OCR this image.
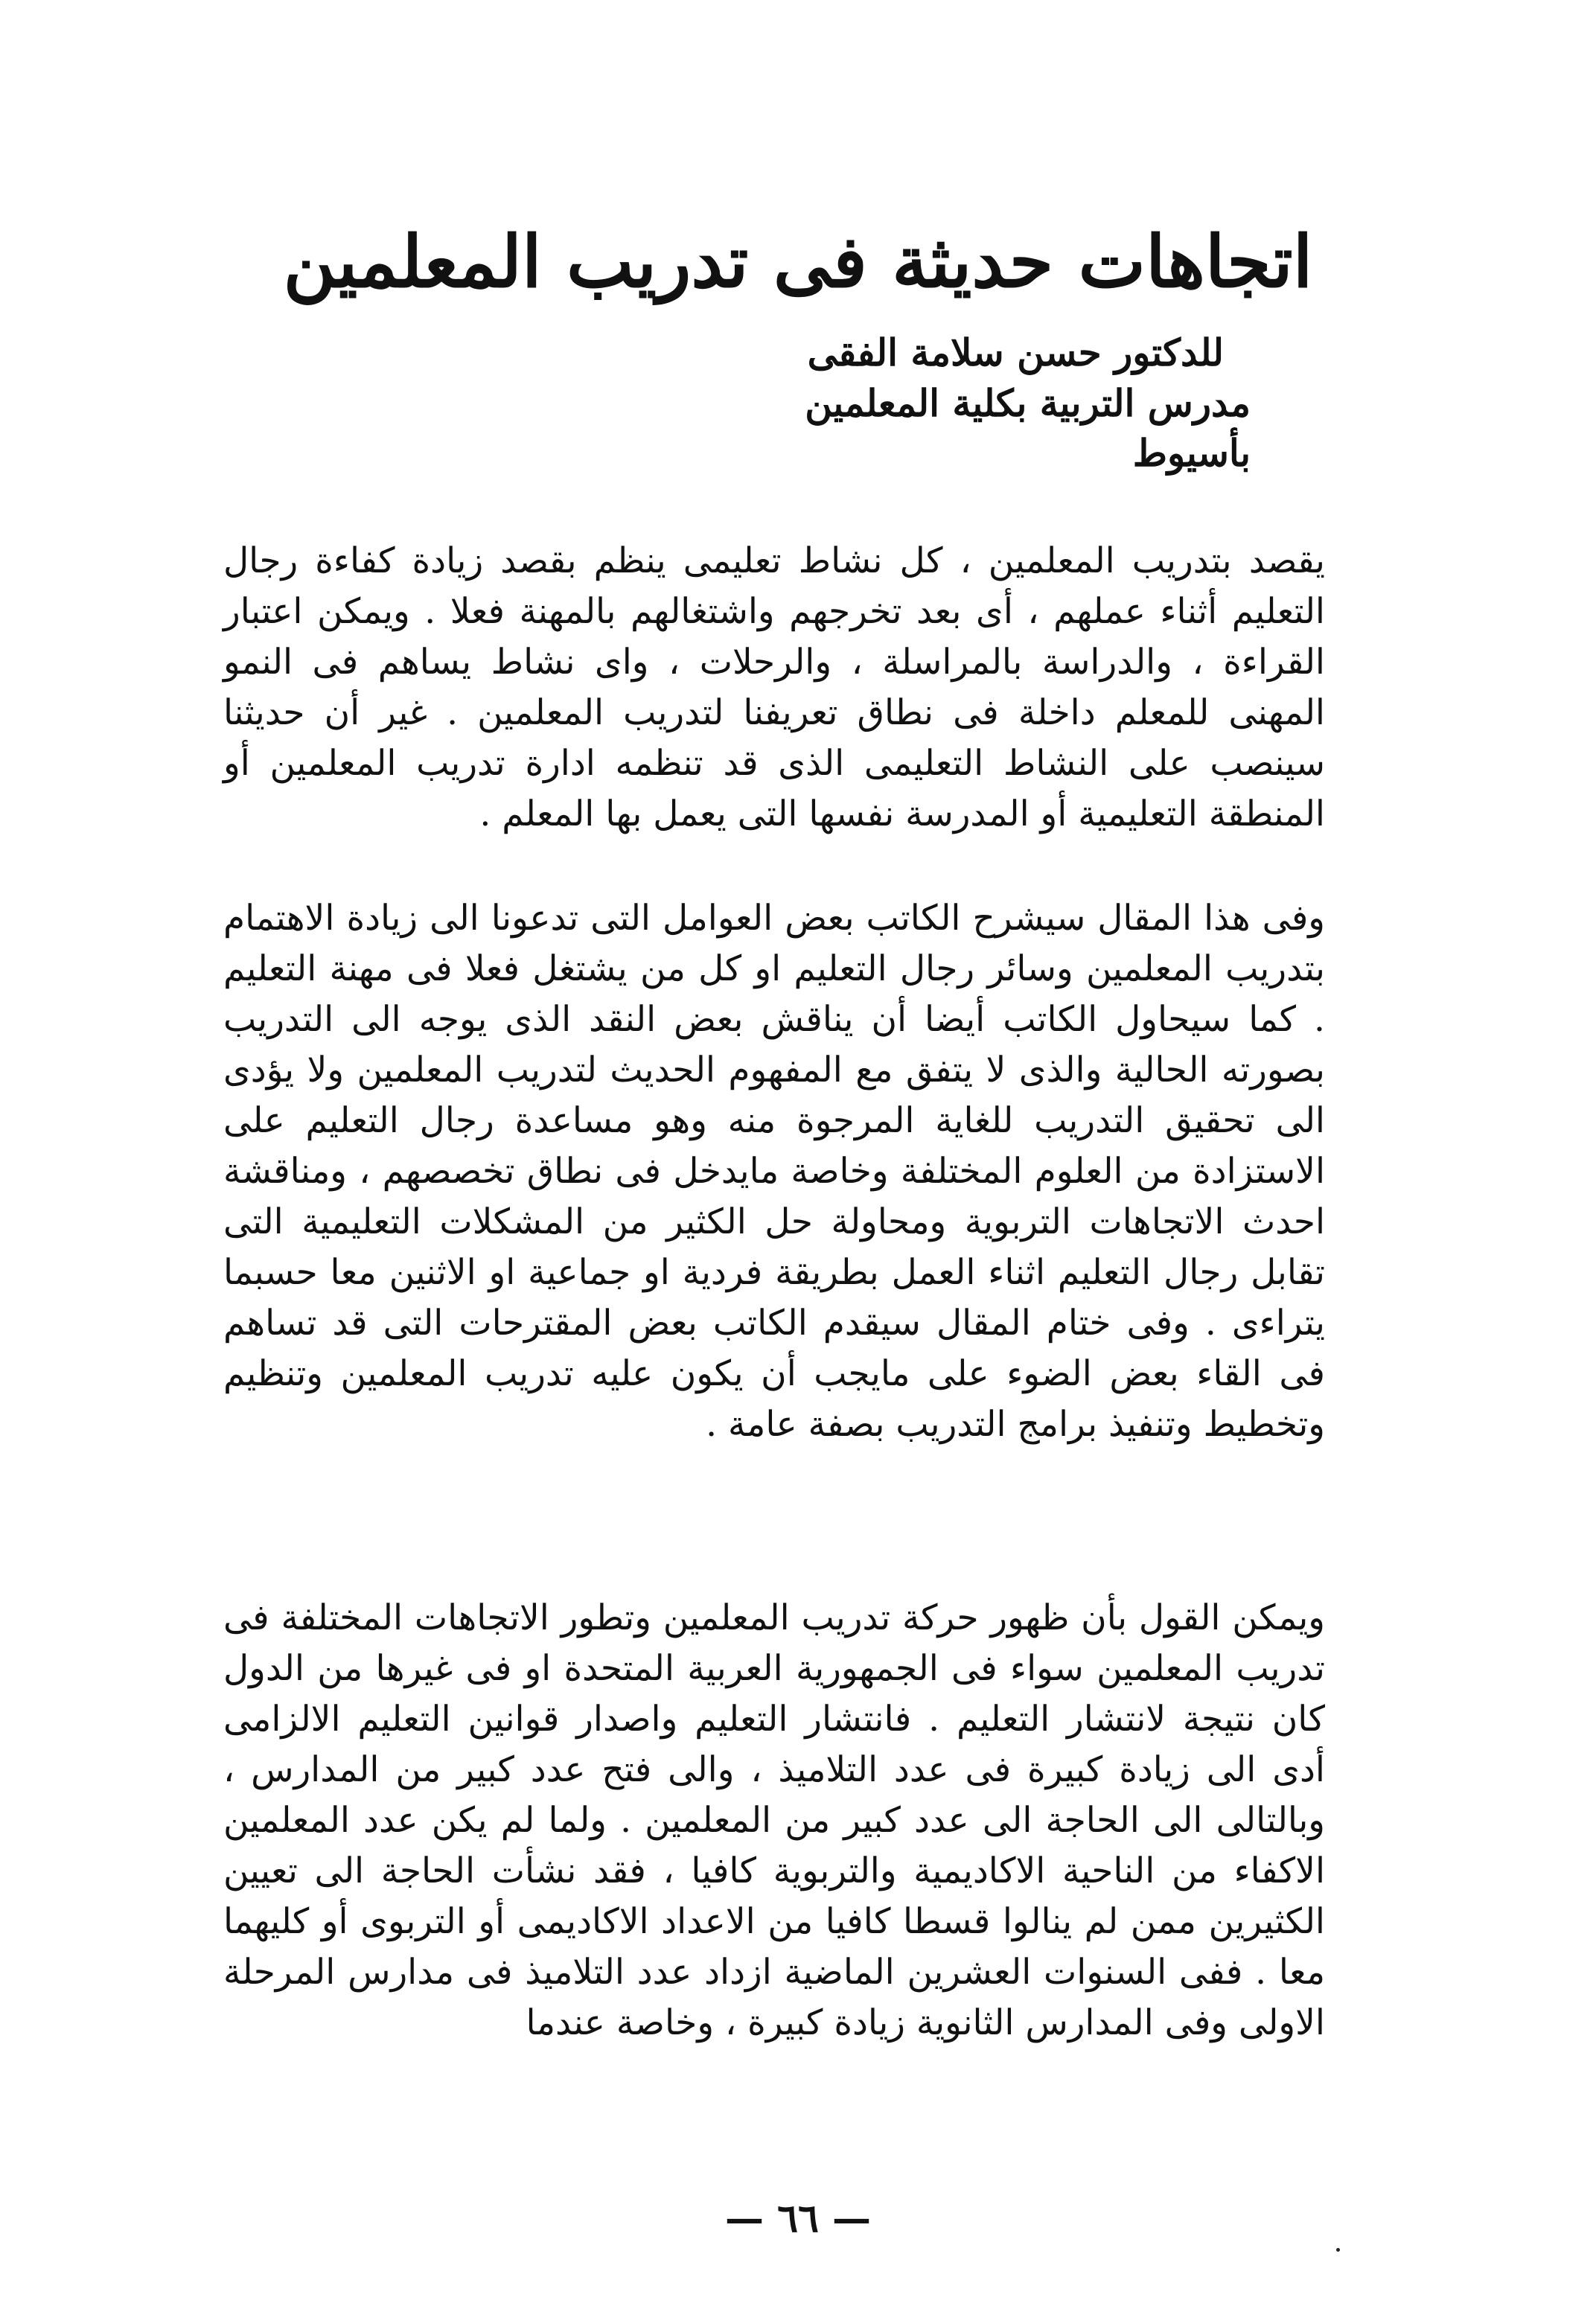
اتجاهات حديثة فى تدريب المعلمين
للدكتور حسن سلامة الفقى
مدرس التربية بكلية المعلمين بأسيوط

يقصد بتدريب المعلمين ، كل نشاط تعليمى ينظم بقصد زيادة كفاءة رجال التعليم أثناء عملهم ، أى بعد تخرجهم واشتغالهم بالمهنة فعلا . ويمكن اعتبار القراءة ، والدراسة بالمراسلة ، والرحلات ، واى نشاط يساهم فى النمو المهنى للمعلم داخلة فى نطاق تعريفنا لتدريب المعلمين . غير أن حديثنا سينصب على النشاط التعليمى الذى قد تنظمه ادارة تدريب المعلمين أو المنطقة التعليمية أو المدرسة نفسها التى يعمل بها المعلم .

وفى هذا المقال سيشرح الكاتب بعض العوامل التى تدعونا الى زيادة الاهتمام بتدريب المعلمين وسائر رجال التعليم او كل من يشتغل فعلا فى مهنة التعليم . كما سيحاول الكاتب أيضا أن يناقش بعض النقد الذى يوجه الى التدريب بصورته الحالية والذى لا يتفق مع المفهوم الحديث لتدريب المعلمين ولا يؤدى الى تحقيق التدريب للغاية المرجوة منه وهو مساعدة رجال التعليم على الاستزادة من العلوم المختلفة وخاصة مايدخل فى نطاق تخصصهم ، ومناقشة احدث الاتجاهات التربوية ومحاولة حل الكثير من المشكلات التعليمية التى تقابل رجال التعليم اثناء العمل بطريقة فردية او جماعية او الاثنين معا حسبما يتراءى . وفى ختام المقال سيقدم الكاتب بعض المقترحات التى قد تساهم فى القاء بعض الضوء على مايجب أن يكون عليه تدريب المعلمين وتنظيم وتخطيط وتنفيذ برامج التدريب بصفة عامة .

ويمكن القول بأن ظهور حركة تدريب المعلمين وتطور الاتجاهات المختلفة فى تدريب المعلمين سواء فى الجمهورية العربية المتحدة او فى غيرها من الدول كان نتيجة لانتشار التعليم . فانتشار التعليم واصدار قوانين التعليم الالزامى أدى الى زيادة كبيرة فى عدد التلاميذ ، والى فتح عدد كبير من المدارس ، وبالتالى الى الحاجة الى عدد كبير من المعلمين . ولما لم يكن عدد المعلمين الاكفاء من الناحية الاكاديمية والتربوية كافيا ، فقد نشأت الحاجة الى تعيين الكثيرين ممن لم ينالوا قسطا كافيا من الاعداد الاكاديمى أو التربوى أو كليهما معا . ففى السنوات العشرين الماضية ازداد عدد التلاميذ فى مدارس المرحلة الاولى وفى المدارس الثانوية زيادة كبيرة ، وخاصة عندما

— ٦٦ —
